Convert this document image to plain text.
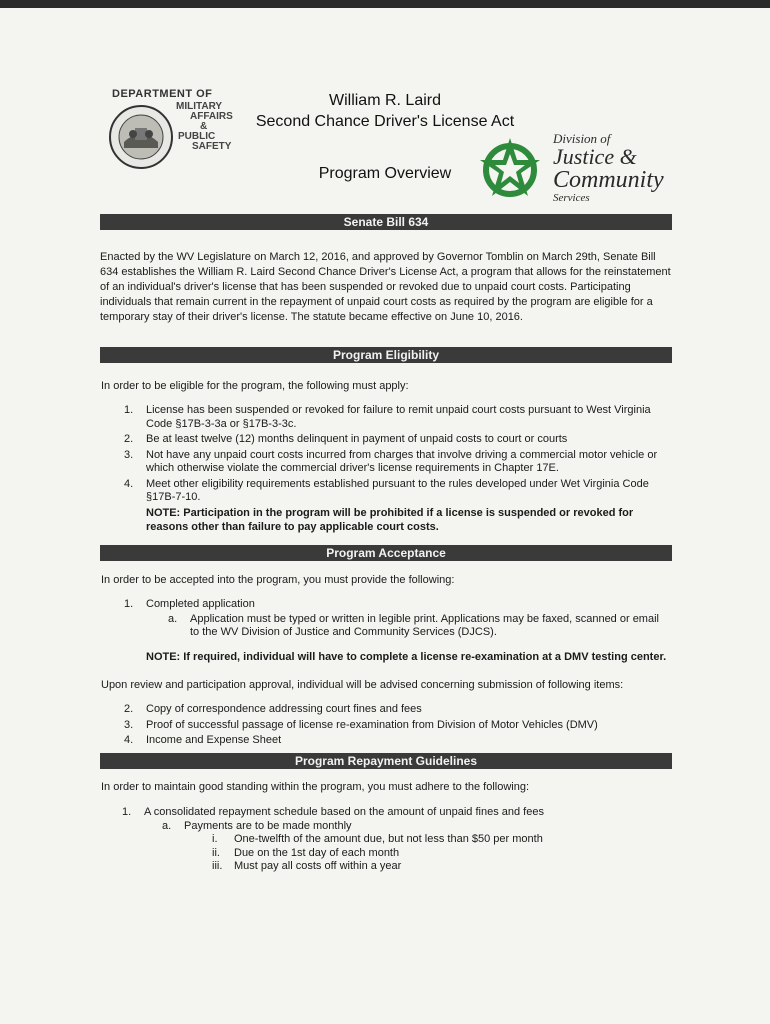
DEPARTMENT OF
MILITARY
AFFAIRS
&
PUBLIC
SAFETY
William R. Laird
Second Chance Driver's License Act
Program Overview
Division of
Justice &
Community
Services
Senate Bill 634
Enacted by the WV Legislature on March 12, 2016, and approved by Governor Tomblin on March 29th, Senate Bill 634 establishes the William R. Laird Second Chance Driver's License Act, a program that allows for the reinstatement of an individual's driver's license that has been suspended or revoked due to unpaid court costs. Participating individuals that remain current in the repayment of unpaid court costs as required by the program are eligible for a temporary stay of their driver's license. The statute became effective on June 10, 2016.
Program Eligibility
In order to be eligible for the program, the following must apply:
1. License has been suspended or revoked for failure to remit unpaid court costs pursuant to West Virginia Code §17B-3-3a or §17B-3-3c.
2. Be at least twelve (12) months delinquent in payment of unpaid costs to court or courts
3. Not have any unpaid court costs incurred from charges that involve driving a commercial motor vehicle or which otherwise violate the commercial driver's license requirements in Chapter 17E.
4. Meet other eligibility requirements established pursuant to the rules developed under Wet Virginia Code §17B-7-10.
NOTE: Participation in the program will be prohibited if a license is suspended or revoked for reasons other than failure to pay applicable court costs.
Program Acceptance
In order to be accepted into the program, you must provide the following:
1. Completed application
a. Application must be typed or written in legible print. Applications may be faxed, scanned or email to the WV Division of Justice and Community Services (DJCS).
NOTE: If required, individual will have to complete a license re-examination at a DMV testing center.
Upon review and participation approval, individual will be advised concerning submission of following items:
2. Copy of correspondence addressing court fines and fees
3. Proof of successful passage of license re-examination from Division of Motor Vehicles (DMV)
4. Income and Expense Sheet
Program Repayment Guidelines
In order to maintain good standing within the program, you must adhere to the following:
1. A consolidated repayment schedule based on the amount of unpaid fines and fees
a. Payments are to be made monthly
i. One-twelfth of the amount due, but not less than $50 per month
ii. Due on the 1st day of each month
iii. Must pay all costs off within a year
